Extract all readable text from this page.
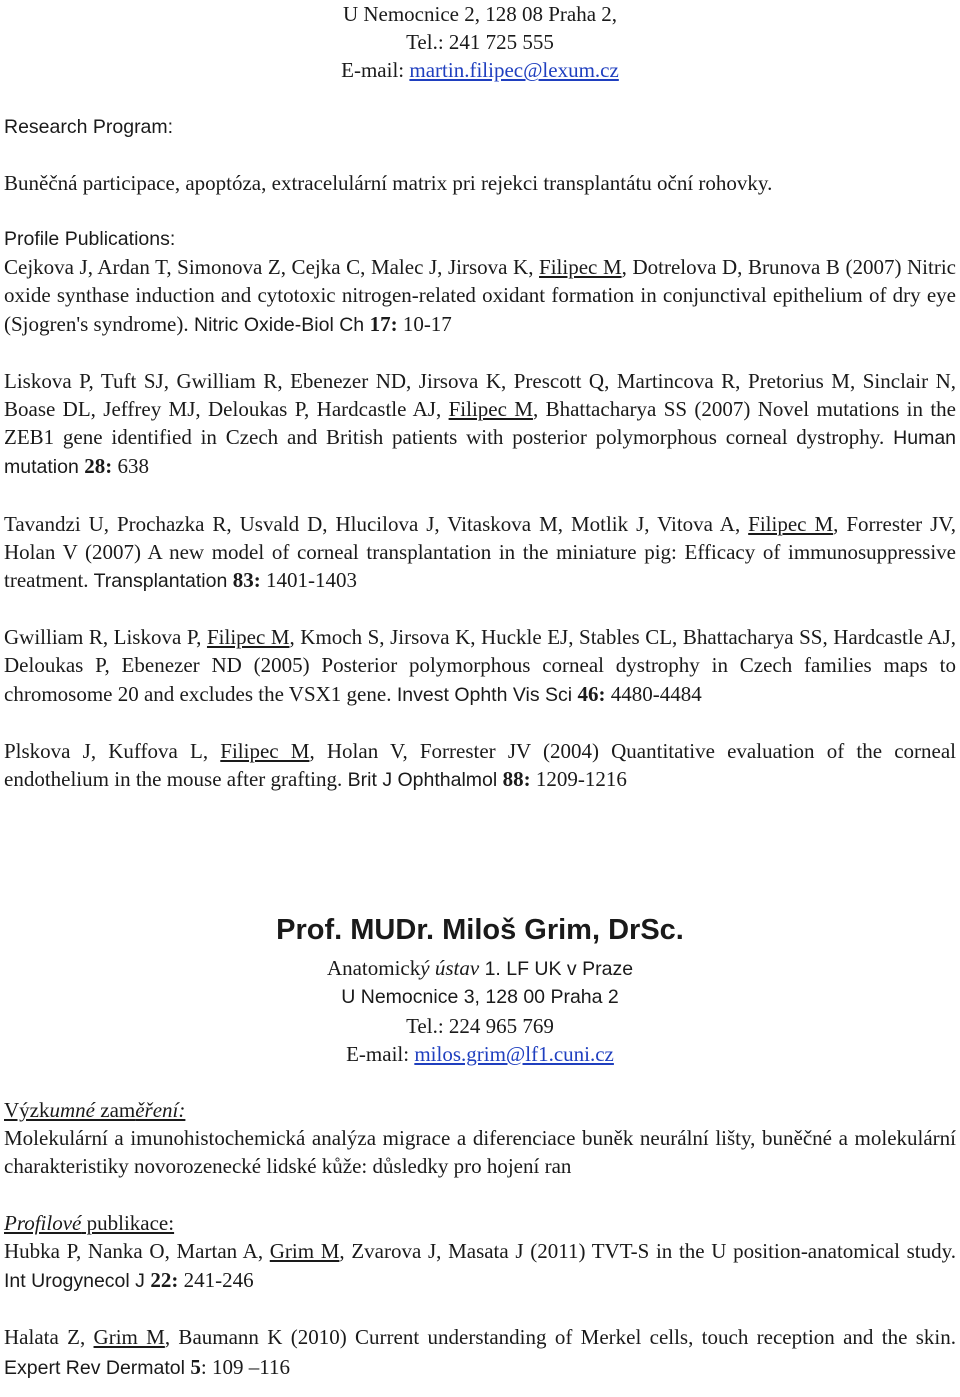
U Nemocnice 2, 128 08 Praha 2,

Tel.: 241 725 555

E-mail: martin.filipec@lexum.cz

Research Program:

Buněčná participace, apoptóza, extracelulární matrix pri rejekci transplantátu oční rohovky.

Profile Publications:

Cejkova J, Ardan T, Simonova Z, Cejka C, Malec J, Jirsova K, Filipec M, Dotrelova D, Brunova B (2007) Nitric oxide synthase induction and cytotoxic nitrogen-related oxidant formation in conjunctival epithelium of dry eye (Sjogren's syndrome). Nitric Oxide-Biol Ch 17: 10-17

Liskova P, Tuft SJ, Gwilliam R, Ebenezer ND, Jirsova K, Prescott Q, Martincova R, Pretorius M, Sinclair N, Boase DL, Jeffrey MJ, Deloukas P, Hardcastle AJ, Filipec M, Bhattacharya SS (2007) Novel mutations in the ZEB1 gene identified in Czech and British patients with posterior polymorphous corneal dystrophy. Human mutation 28: 638

Tavandzi U, Prochazka R, Usvald D, Hlucilova J, Vitaskova M, Motlik J, Vitova A, Filipec M, Forrester JV, Holan V (2007) A new model of corneal transplantation in the miniature pig: Efficacy of immunosuppressive treatment. Transplantation 83: 1401-1403

Gwilliam R, Liskova P, Filipec M, Kmoch S, Jirsova K, Huckle EJ, Stables CL, Bhattacharya SS, Hardcastle AJ, Deloukas P, Ebenezer ND (2005) Posterior polymorphous corneal dystrophy in Czech families maps to chromosome 20 and excludes the VSX1 gene. Invest Ophth Vis Sci 46: 4480-4484

Plskova J, Kuffova L, Filipec M, Holan V, Forrester JV (2004) Quantitative evaluation of the corneal endothelium in the mouse after grafting. Brit J Ophthalmol 88: 1209-1216

Prof. MUDr. Miloš Grim, DrSc.

Anatomický ústav 1. LF UK v Praze

U Nemocnice 3, 128 00 Praha 2

Tel.: 224 965 769

E-mail: milos.grim@lf1.cuni.cz

Výzkumné zaměření:

Molekulární a imunohistochemická analýza migrace a diferenciace buněk neurální lišty, buněčné a molekulární charakteristiky novorozenecké lidské kůže: důsledky pro hojení ran

Profilové publikace:

Hubka P, Nanka O, Martan A, Grim M, Zvarova J, Masata J (2011) TVT-S in the U position-anatomical study. Int Urogynecol J 22: 241-246

Halata Z, Grim M, Baumann K (2010) Current understanding of Merkel cells, touch reception and the skin. Expert Rev Dermatol 5: 109 –116
